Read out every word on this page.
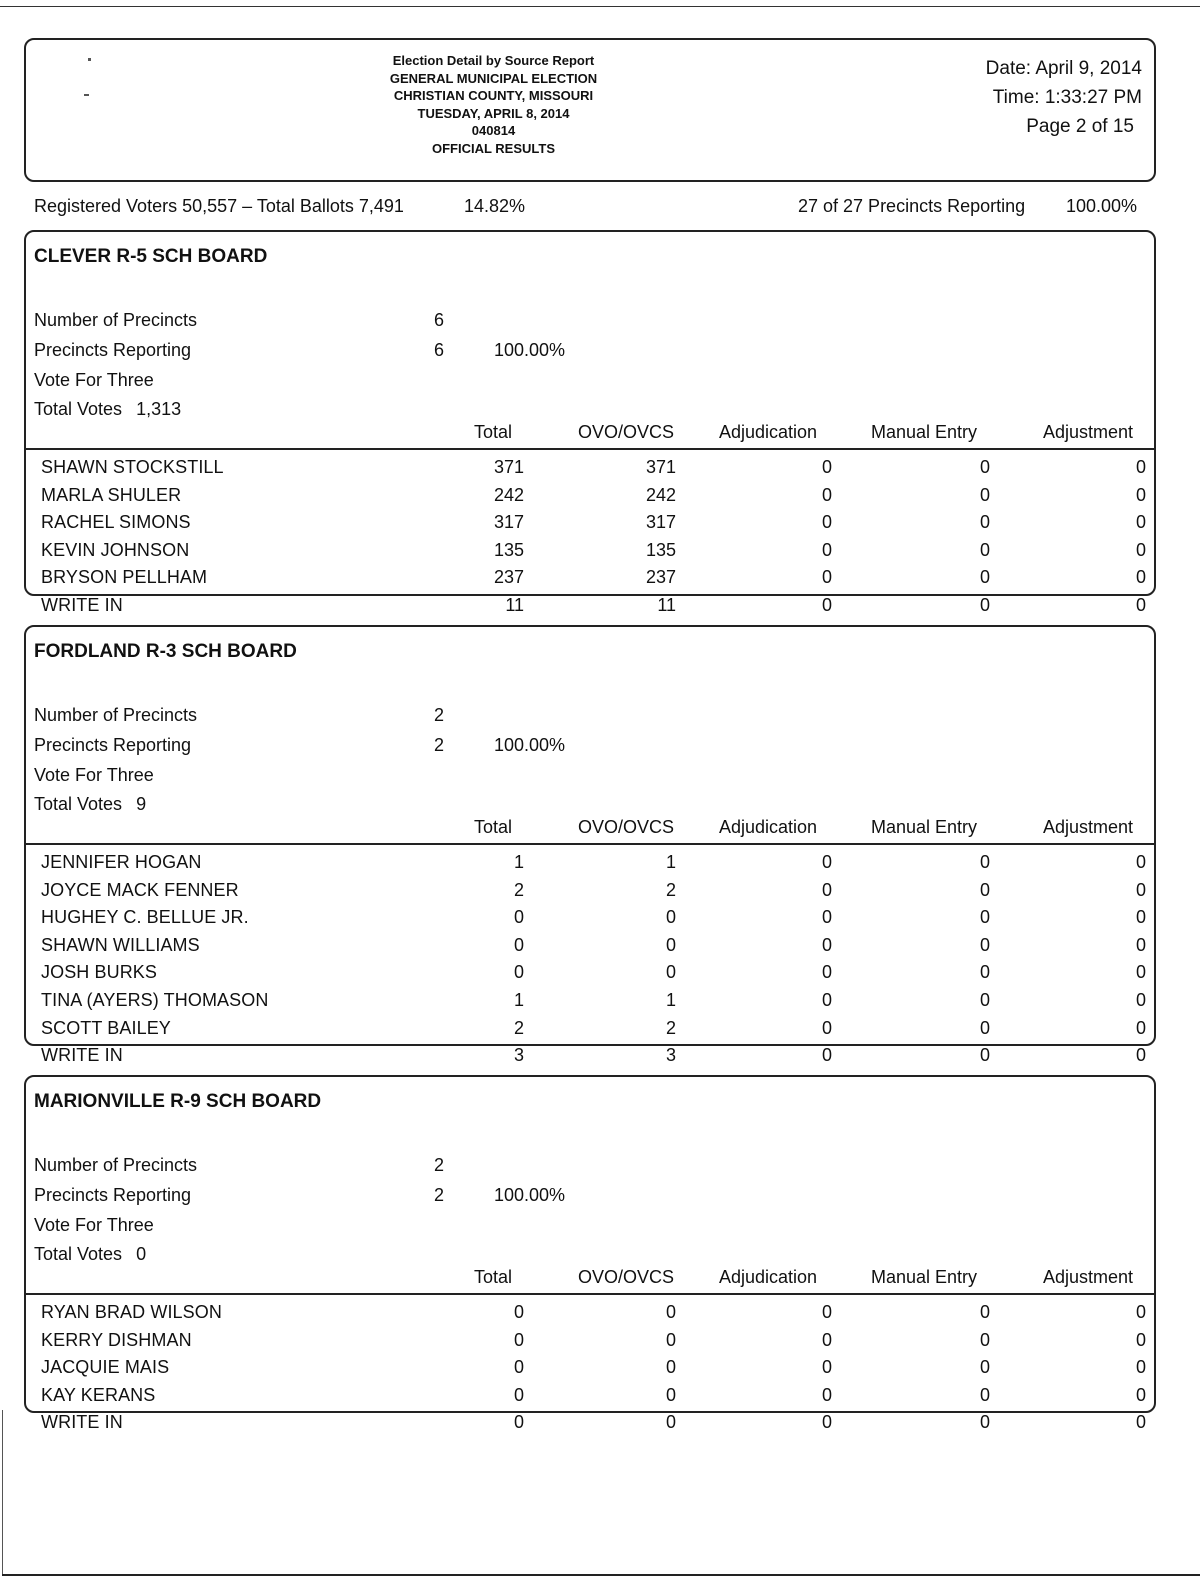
Election Detail by Source Report
GENERAL MUNICIPAL ELECTION
CHRISTIAN COUNTY, MISSOURI
TUESDAY, APRIL 8, 2014
040814
OFFICIAL RESULTS
Date: April 9, 2014
Time: 1:33:27 PM
Page 2 of 15
Registered Voters 50,557 – Total Ballots 7,491	14.82%	27 of 27 Precincts Reporting 100.00%
CLEVER R-5 SCH BOARD
Number of Precincts	6
Precincts Reporting	6	100.00%
Vote For Three
Total Votes 1,313
Total	OVO/OVCS Adjudication	Manual Entry	Adjustment
SHAWN STOCKSTILL	371	371	0	0	0
MARLA SHULER	242	242	0	0	0
RACHEL SIMONS	317	317	0	0	0
KEVIN JOHNSON	135	135	0	0	0
BRYSON PELLHAM	237	237	0	0	0
WRITE IN	11	11	0	0	0
FORDLAND R-3 SCH BOARD
Number of Precincts	2
Precincts Reporting	2	100.00%
Vote For Three
Total Votes 9
Total	OVO/OVCS Adjudication	Manual Entry	Adjustment
JENNIFER HOGAN	1	1	0	0	0
JOYCE MACK FENNER	2	2	0	0	0
HUGHEY C. BELLUE JR.	0	0	0	0	0
SHAWN WILLIAMS	0	0	0	0	0
JOSH BURKS	0	0	0	0	0
TINA (AYERS) THOMASON	1	1	0	0	0
SCOTT BAILEY	2	2	0	0	0
WRITE IN	3	3	0	0	0
MARIONVILLE R-9 SCH BOARD
Number of Precincts	2
Precincts Reporting	2	100.00%
Vote For Three
Total Votes 0
Total	OVO/OVCS Adjudication	Manual Entry	Adjustment
RYAN BRAD WILSON	0	0	0	0	0
KERRY DISHMAN	0	0	0	0	0
JACQUIE MAIS	0	0	0	0	0
KAY KERANS	0	0	0	0	0
WRITE IN	0	0	0	0	0
